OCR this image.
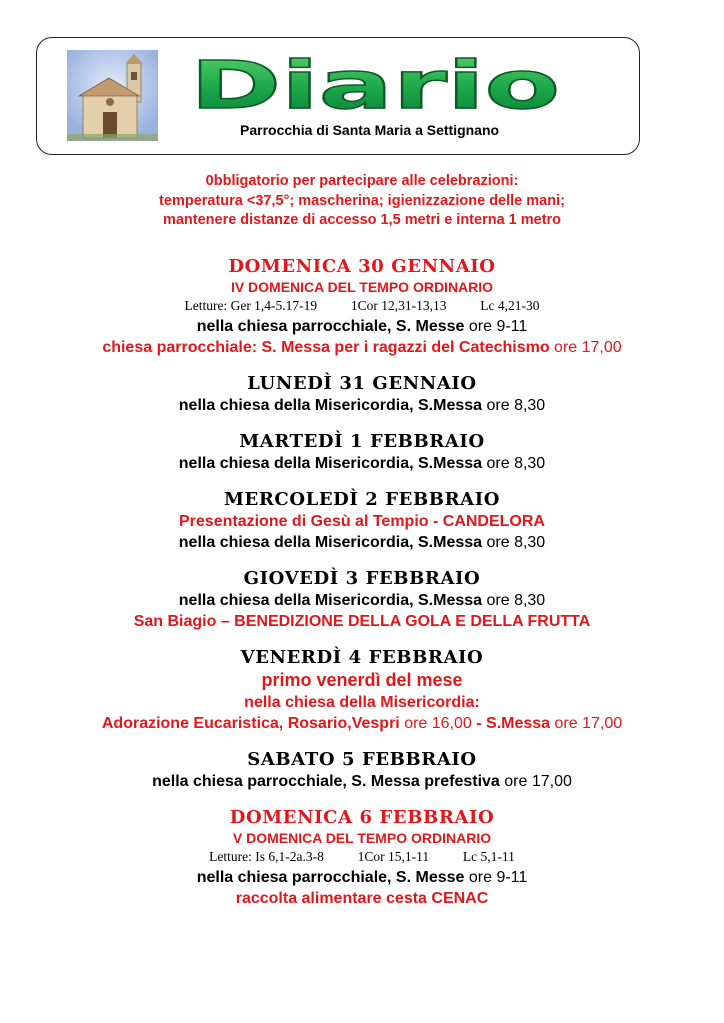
Diario
Parrocchia di Santa Maria a Settignano
0bbligatorio per partecipare alle celebrazioni:
temperatura <37,5°; mascherina; igienizzazione delle mani;
mantenere distanze di accesso 1,5 metri e interna 1 metro
DOMENICA 30 GENNAIO
IV DOMENICA DEL TEMPO ORDINARIO
Letture: Ger 1,4-5.17-19          1Cor 12,31-13,13          Lc 4,21-30
nella chiesa parrocchiale, S. Messe ore 9-11
chiesa parrocchiale: S. Messa per i ragazzi del Catechismo ore 17,00
LUNEDÌ 31 GENNAIO
nella chiesa della Misericordia, S.Messa ore 8,30
MARTEDÌ 1 FEBBRAIO
nella chiesa della Misericordia, S.Messa ore 8,30
MERCOLEDÌ 2 FEBBRAIO
Presentazione di Gesù al Tempio - CANDELORA
nella chiesa della Misericordia, S.Messa ore 8,30
GIOVEDÌ 3 FEBBRAIO
nella chiesa della Misericordia, S.Messa ore 8,30
San Biagio – BENEDIZIONE DELLA GOLA E DELLA FRUTTA
VENERDÌ 4 FEBBRAIO
primo venerdì del mese
nella chiesa della Misericordia:
Adorazione Eucaristica, Rosario,Vespri ore 16,00 - S.Messa ore 17,00
SABATO 5 FEBBRAIO
nella chiesa parrocchiale, S. Messa prefestiva ore 17,00
DOMENICA 6 FEBBRAIO
V DOMENICA DEL TEMPO ORDINARIO
Letture: Is 6,1-2a.3-8          1Cor 15,1-11          Lc 5,1-11
nella chiesa parrocchiale, S. Messe ore 9-11
raccolta alimentare cesta CENAC
